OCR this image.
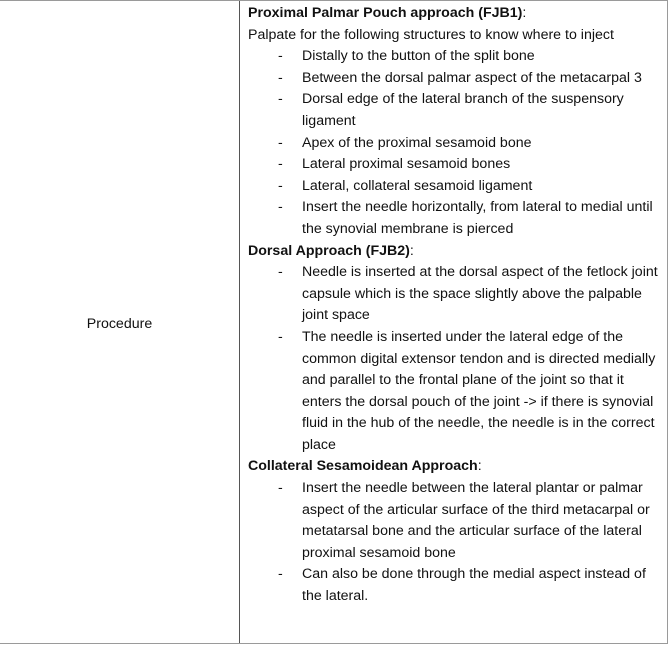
Procedure
Proximal Palmar Pouch approach (FJB1):
Palpate for the following structures to know where to inject
- Distally to the button of the split bone
- Between the dorsal palmar aspect of the metacarpal 3
- Dorsal edge of the lateral branch of the suspensory ligament
- Apex of the proximal sesamoid bone
- Lateral proximal sesamoid bones
- Lateral, collateral sesamoid ligament
- Insert the needle horizontally, from lateral to medial until the synovial membrane is pierced
Dorsal Approach (FJB2):
- Needle is inserted at the dorsal aspect of the fetlock joint capsule which is the space slightly above the palpable joint space
- The needle is inserted under the lateral edge of the common digital extensor tendon and is directed medially and parallel to the frontal plane of the joint so that it enters the dorsal pouch of the joint -> if there is synovial fluid in the hub of the needle, the needle is in the correct place
Collateral Sesamoidean Approach:
- Insert the needle between the lateral plantar or palmar aspect of the articular surface of the third metacarpal or metatarsal bone and the articular surface of the lateral proximal sesamoid bone
- Can also be done through the medial aspect instead of the lateral.
